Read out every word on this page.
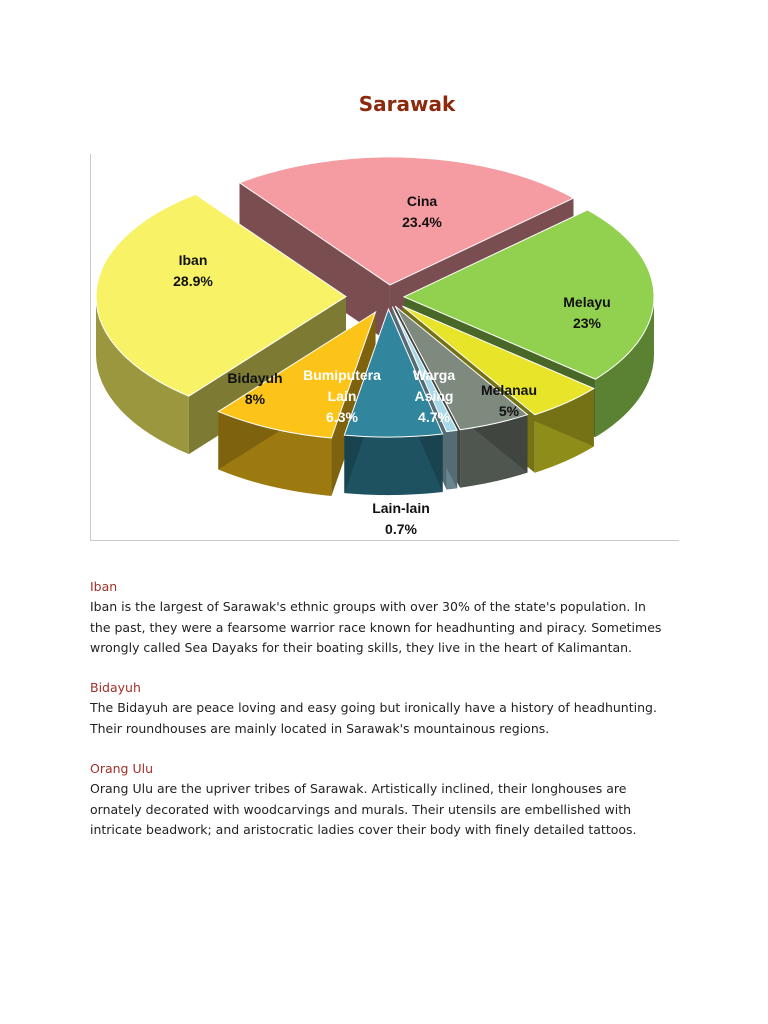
Sarawak
Cina 23.4%
Melayu 23%
Melanau 5%
Warga Asing 4.7%
Lain-lain 0.7%
Bumiputera Lain 6.3%
Bidayuh 8%
Iban 28.9%

Iban

Iban is the largest of Sarawak's ethnic groups with over 30% of the state's population. In

the past, they were a fearsome warrior race known for headhunting and piracy. Sometimes

wrongly called Sea Dayaks for their boating skills, they live in the heart of Kalimantan.

Bidayuh

The Bidayuh are peace loving and easy going but ironically have a history of headhunting.

Their roundhouses are mainly located in Sarawak's mountainous regions.

Orang Ulu

Orang Ulu are the upriver tribes of Sarawak. Artistically inclined, their longhouses are

ornately decorated with woodcarvings and murals. Their utensils are embellished with

intricate beadwork; and aristocratic ladies cover their body with finely detailed tattoos.
